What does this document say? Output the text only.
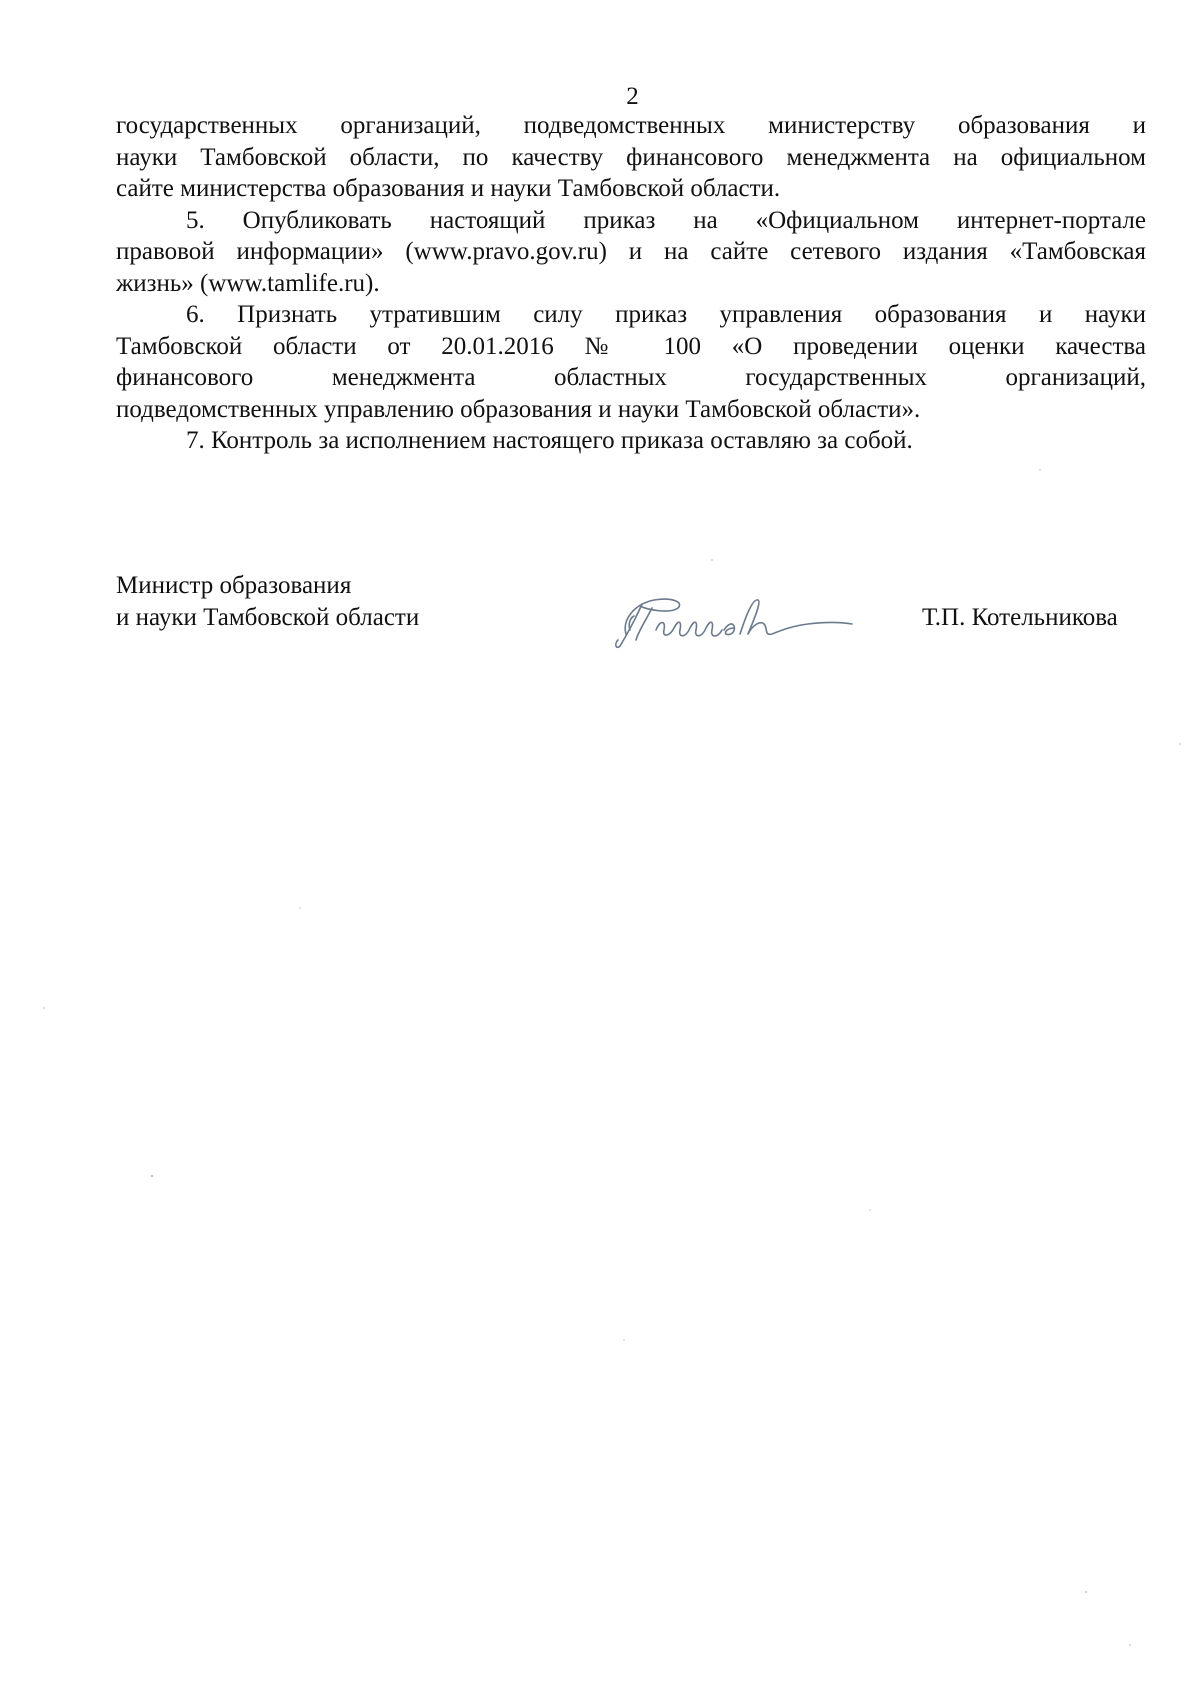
2

государственных организаций, подведомственных министерству образования и
науки Тамбовской области, по качеству финансового менеджмента на официальном
сайте министерства образования и науки Тамбовской области.

5. Опубликовать настоящий приказ на «Официальном интернет-портале
правовой информации» (www.pravo.gov.ru) и на сайте сетевого издания «Тамбовская
жизнь» (www.tamlife.ru).

6. Признать утратившим силу приказ управления образования и науки
Тамбовской области от 20.01.2016 № 100 «О проведении оценки качества
финансового менеджмента областных государственных организаций,
подведомственных управлению образования и науки Тамбовской области».

7. Контроль за исполнением настоящего приказа оставляю за собой.

Министр образования
и науки Тамбовской области	Т.П. Котельникова
